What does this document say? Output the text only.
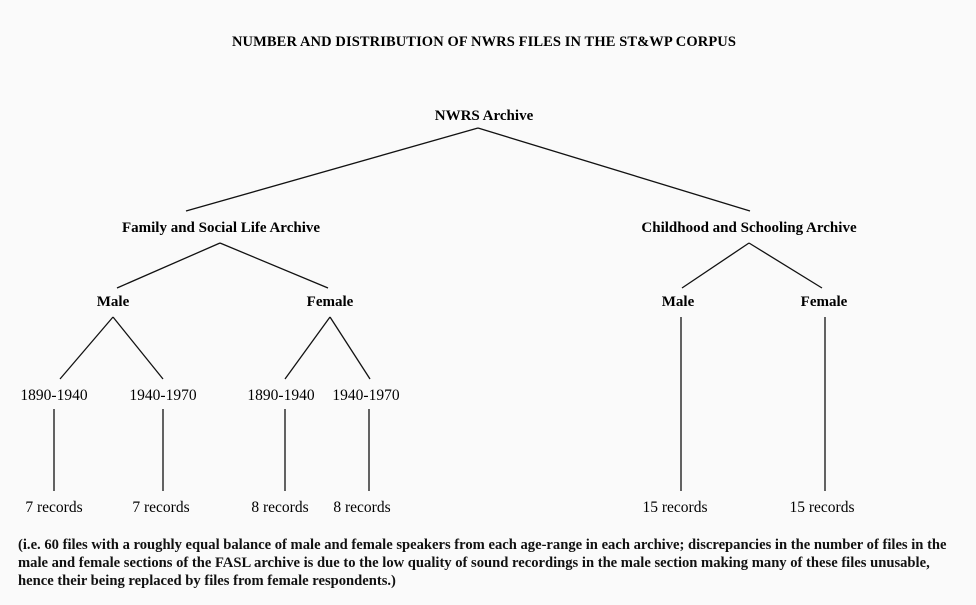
NUMBER AND DISTRIBUTION OF NWRS FILES IN THE ST&WP CORPUS
NWRS Archive
Family and Social Life Archive	Childhood and Schooling Archive
Male	Female	Male	Female
1890-1940	1940-1970	1890-1940 1940-1970
7 records	7 records	8 records 8 records	15 records	15 records

(i.e. 60 files with a roughly equal balance of male and female speakers from each age-range in each archive; discrepancies in the number of files in the male and female sections of the FASL archive is due to the low quality of sound recordings in the male section making many of these files unusable, hence their being replaced by files from female respondents.)
